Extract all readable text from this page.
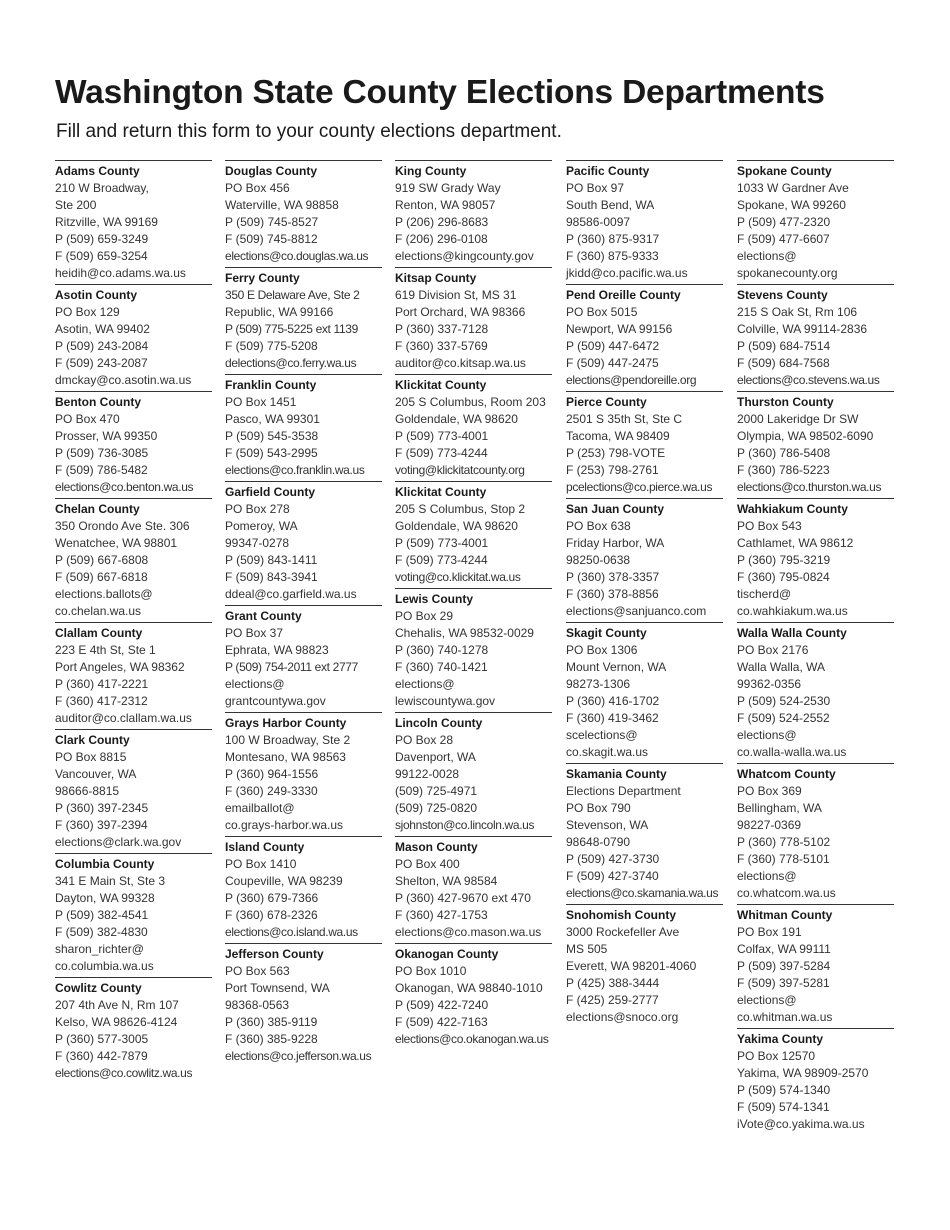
Washington State County Elections Departments

Fill and return this form to your county elections department.

Adams County
210 W Broadway,
Ste 200
Ritzville, WA 99169
P (509) 659-3249
F (509) 659-3254
heidih@co.adams.wa.us
Asotin County
PO Box 129
Asotin, WA 99402
P (509) 243-2084
F (509) 243-2087
dmckay@co.asotin.wa.us
Benton County
PO Box 470
Prosser, WA 99350
P (509) 736-3085
F (509) 786-5482
elections@co.benton.wa.us
Chelan County
350 Orondo Ave Ste. 306
Wenatchee, WA 98801
P (509) 667-6808
F (509) 667-6818
elections.ballots@
co.chelan.wa.us
Clallam County
223 E 4th St, Ste 1
Port Angeles, WA 98362
P (360) 417-2221
F (360) 417-2312
auditor@co.clallam.wa.us
Clark County
PO Box 8815
Vancouver, WA
98666-8815
P (360) 397-2345
F (360) 397-2394
elections@clark.wa.gov
Columbia County
341 E Main St, Ste 3
Dayton, WA 99328
P (509) 382-4541
F (509) 382-4830
sharon_richter@
co.columbia.wa.us
Cowlitz County
207 4th Ave N, Rm 107
Kelso, WA 98626-4124
P (360) 577-3005
F (360) 442-7879
elections@co.cowlitz.wa.us
Douglas County
PO Box 456
Waterville, WA 98858
P (509) 745-8527
F (509) 745-8812
elections@co.douglas.wa.us
Ferry County
350 E Delaware Ave, Ste 2
Republic, WA 99166
P (509) 775-5225 ext 1139
F (509) 775-5208
delections@co.ferry.wa.us
Franklin County
PO Box 1451
Pasco, WA 99301
P (509) 545-3538
F (509) 543-2995
elections@co.franklin.wa.us
Garfield County
PO Box 278
Pomeroy, WA
99347-0278
P (509) 843-1411
F (509) 843-3941
ddeal@co.garfield.wa.us
Grant County
PO Box 37
Ephrata, WA 98823
P (509) 754-2011 ext 2777
elections@
grantcountywa.gov
Grays Harbor County
100 W Broadway, Ste 2
Montesano, WA 98563
P (360) 964-1556
F (360) 249-3330
emailballot@
co.grays-harbor.wa.us
Island County
PO Box 1410
Coupeville, WA 98239
P (360) 679-7366
F (360) 678-2326
elections@co.island.wa.us
Jefferson County
PO Box 563
Port Townsend, WA
98368-0563
P (360) 385-9119
F (360) 385-9228
elections@co.jefferson.wa.us
King County
919 SW Grady Way
Renton, WA 98057
P (206) 296-8683
F (206) 296-0108
elections@kingcounty.gov
Kitsap County
619 Division St, MS 31
Port Orchard, WA 98366
P (360) 337-7128
F (360) 337-5769
auditor@co.kitsap.wa.us
Klickitat County
205 S Columbus, Room 203
Goldendale, WA 98620
P (509) 773-4001
F (509) 773-4244
voting@klickitatcounty.org
Klickitat County
205 S Columbus, Stop 2
Goldendale, WA 98620
P (509) 773-4001
F (509) 773-4244
voting@co.klickitat.wa.us
Lewis County
PO Box 29
Chehalis, WA 98532-0029
P (360) 740-1278
F (360) 740-1421
elections@
lewiscountywa.gov
Lincoln County
PO Box 28
Davenport, WA
99122-0028
(509) 725-4971
(509) 725-0820
sjohnston@co.lincoln.wa.us
Mason County
PO Box 400
Shelton, WA 98584
P (360) 427-9670 ext 470
F (360) 427-1753
elections@co.mason.wa.us
Okanogan County
PO Box 1010
Okanogan, WA 98840-1010
P (509) 422-7240
F (509) 422-7163
elections@co.okanogan.wa.us
Pacific County
PO Box 97
South Bend, WA
98586-0097
P (360) 875-9317
F (360) 875-9333
jkidd@co.pacific.wa.us
Pend Oreille County
PO Box 5015
Newport, WA 99156
P (509) 447-6472
F (509) 447-2475
elections@pendoreille.org
Pierce County
2501 S 35th St, Ste C
Tacoma, WA 98409
P (253) 798-VOTE
F (253) 798-2761
pcelections@co.pierce.wa.us
San Juan County
PO Box 638
Friday Harbor, WA
98250-0638
P (360) 378-3357
F (360) 378-8856
elections@sanjuanco.com
Skagit County
PO Box 1306
Mount Vernon, WA
98273-1306
P (360) 416-1702
F (360) 419-3462
scelections@
co.skagit.wa.us
Skamania County
Elections Department
PO Box 790
Stevenson, WA
98648-0790
P (509) 427-3730
F (509) 427-3740
elections@co.skamania.wa.us
Snohomish County
3000 Rockefeller Ave
MS 505
Everett, WA 98201-4060
P (425) 388-3444
F (425) 259-2777
elections@snoco.org
Spokane County
1033 W Gardner Ave
Spokane, WA 99260
P (509) 477-2320
F (509) 477-6607
elections@
spokanecounty.org
Stevens County
215 S Oak St, Rm 106
Colville, WA 99114-2836
P (509) 684-7514
F (509) 684-7568
elections@co.stevens.wa.us
Thurston County
2000 Lakeridge Dr SW
Olympia, WA 98502-6090
P (360) 786-5408
F (360) 786-5223
elections@co.thurston.wa.us
Wahkiakum County
PO Box 543
Cathlamet, WA 98612
P (360) 795-3219
F (360) 795-0824
tischerd@
co.wahkiakum.wa.us
Walla Walla County
PO Box 2176
Walla Walla, WA
99362-0356
P (509) 524-2530
F (509) 524-2552
elections@
co.walla-walla.wa.us
Whatcom County
PO Box 369
Bellingham, WA
98227-0369
P (360) 778-5102
F (360) 778-5101
elections@
co.whatcom.wa.us
Whitman County
PO Box 191
Colfax, WA 99111
P (509) 397-5284
F (509) 397-5281
elections@
co.whitman.wa.us
Yakima County
PO Box 12570
Yakima, WA 98909-2570
P (509) 574-1340
F (509) 574-1341
iVote@co.yakima.wa.us
